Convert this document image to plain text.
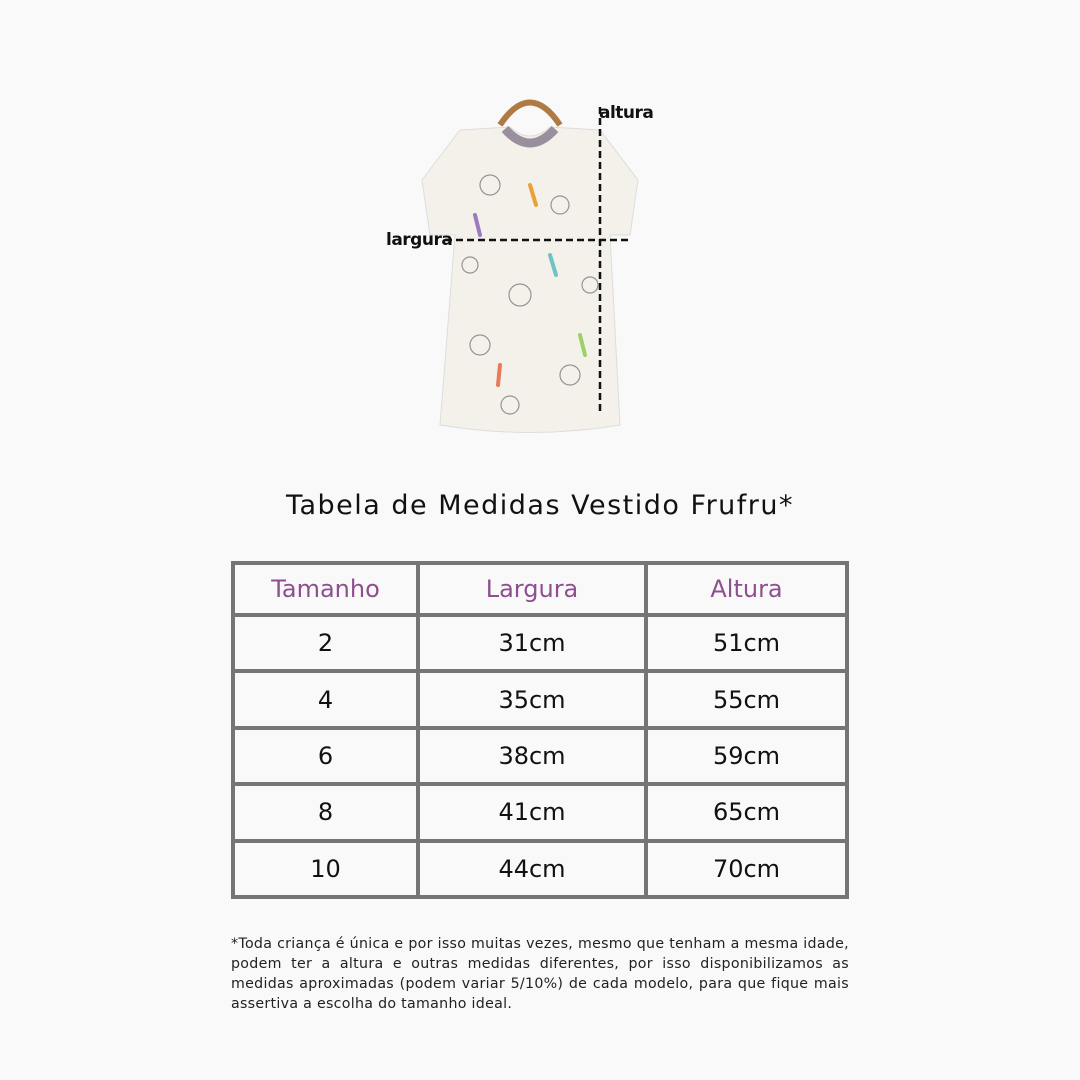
altura
largura
Tabela de Medidas Vestido Frufru*
Tamanho	Largura	Altura
2	31cm	51cm
4	35cm	55cm
6	38cm	59cm
8	41cm	65cm
10	44cm	70cm
*Toda criança é única e por isso muitas vezes, mesmo que tenham a mesma idade, podem ter a altura e outras medidas diferentes, por isso disponibilizamos as medidas aproximadas (podem variar 5/10%) de cada modelo, para que fique mais assertiva a escolha do tamanho ideal.
